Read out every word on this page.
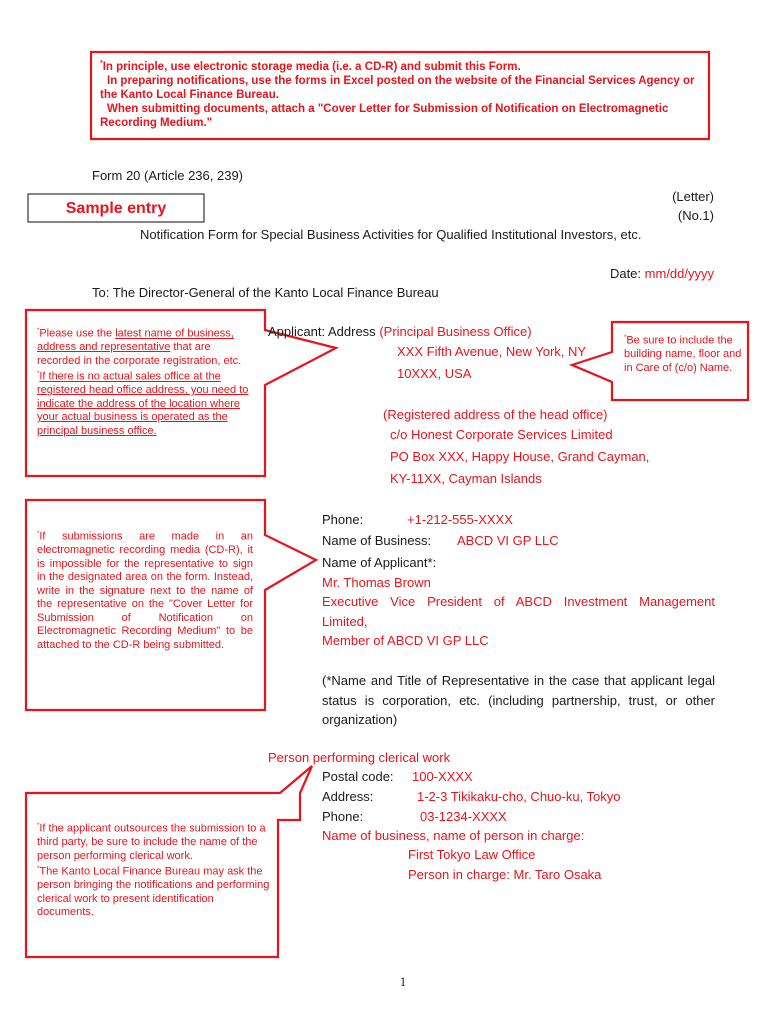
*In principle, use electronic storage media (i.e. a CD-R) and submit this Form.
In preparing notifications, use the forms in Excel posted on the website of the Financial Services Agency or the Kanto Local Finance Bureau.
When submitting documents, attach a "Cover Letter for Submission of Notification on Electromagnetic Recording Medium."
Form 20 (Article 236, 239)
(Letter)
(No.1)
Sample entry
Notification Form for Special Business Activities for Qualified Institutional Investors, etc.
Date: mm/dd/yyyy
To: The Director-General of the Kanto Local Finance Bureau
Applicant: Address (Principal Business Office)
XXX Fifth Avenue, New York, NY
10XXX, USA
(Registered address of the head office)
c/o Honest Corporate Services Limited
PO Box XXX, Happy House, Grand Cayman,
KY-11XX, Cayman Islands
Phone:	+1-212-555-XXXX
Name of Business: ABCD VI GP LLC
Name of Applicant*:
Mr. Thomas Brown
Executive Vice President of ABCD Investment Management
Limited,
Member of ABCD VI GP LLC
(*Name and Title of Representative in the case that applicant legal status is corporation, etc. (including partnership, trust, or other organization)
Person performing clerical work
Postal code: 100-XXXX
Address:	1-2-3 Tikikaku-cho, Chuo-ku, Tokyo
Phone:	03-1234-XXXX
Name of business, name of person in charge:
First Tokyo Law Office
Person in charge: Mr. Taro Osaka
*Please use the latest name of business, address and representative that are recorded in the corporate registration, etc.
*If there is no actual sales office at the registered head office address, you need to indicate the address of the location where your actual business is operated as the principal business office.
*Be sure to include the building name, floor and in Care of (c/o) Name.
*If submissions are made in an electromagnetic recording media (CD-R), it is impossible for the representative to sign in the designated area on the form. Instead, write in the signature next to the name of the representative on the "Cover Letter for Submission of Notification on Electromagnetic Recording Medium" to be attached to the CD-R being submitted.
*If the applicant outsources the submission to a third party, be sure to include the name of the person performing clerical work.
*The Kanto Local Finance Bureau may ask the person bringing the notifications and performing clerical work to present identification documents.
1
